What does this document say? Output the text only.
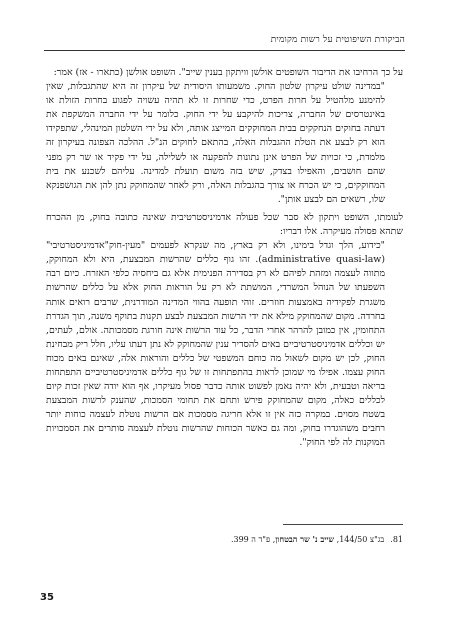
הביקורת השיפוטית על רשות מקומית

על כך הרחיבו את הדיבור השופטים אולשן וויתקון בענין שייב". השופט אולשן (כתארו - אז) אמר:

"במדינה שולט עיקרון שלטון החוק. משמעותו היסודית של עיקרון זה היא שהתגבלות, שאין להימנע מלהטיל על חרות הפרט, כדי שחרות זו לא תהיה עשויה לפגוע בחרות הזולת או באינטרסים של החברה, צריכות להיקבע על ידי החוק. כלומר על ידי החברה המשקפת את דעתה בחוקים הנחקקים בבית המחוקקים המייצג אותה, ולא על ידי השלטון המינהלי, שתפקידו הוא רק לבצע את הטלת ההגבלות האלה, בהתאם לחוקים הנ"ל. ההלכה הצפונה בעיקרון זה מלמדת, כי זכויות של הפרט אינן נתונות להפקעה או לשלילה, על ידי פקיד או שר רק מפני שהם חושבים, והאפילו בצדק, שיש בזה משום תועלת למדינה. עליהם לשכנע את בית המחוקקים, כי יש הכרח או צורך בהגבלות האלה, ורק לאחר שהמחוקק נתן להן את הגושפנקא שלו, רשאים הם לבצע אותן".

לעומתו, השופט ויתקון לא סבר שכל פעולה אדמיניסטרטיבית שאינה כתובה בחוק, מן ההכרח שתהא פסולה מעיקרה. אלו דבריו:

"כידוע, הלך וגדל בימינו, ולא רק בארץ, מה שנקרא לפעמים "מעין-חוק"אדמיניסטרטיבי" (administrative quasi-law). זהו גוף כללים שהרשות המבצעת, היא ולא המחוקק, מתווה לעצמה ומזהת לפיהם לא רק בסדירה הפנימית אלא גם ביחסיה כלפי האזרח. כיום רבה השפעתו של הנוהל המשרדי, המושתת לא רק על הוראות החוק אלא על כללים שהרשות משגרת לפקידיה באמצעות חוזרים. זוהי תופעה בהווי המדינה המודרנית, שרבים רואים אותה בחרדה. מקום שהמחוקק מילא את ידי הרשות המבצעת לבצע תקנות בתוקף משנה, תוך הגדרת התחומין, אין כמובן להרהר אחרי הדבר, כל עוד הרשות אינה חורגת מסמכותה. אולם, לעתים, יש וכללים אדמיניסטרטיביים באים להסדיר ענין שהמחוקק לא נתן דעתו עליו, חלל ריק מבחינת החוק, לכן יש מקום לשאול מה כוחם המשפטי של כללים והוראות אלה, שאינם באים מכוח החוק עצמו. אפילו מי שמוכן לראות בהתפתחות זו של גוף כללים אדמיניסטרטיביים התפתחות בריאה וטבעית, ולא יהיה נאמן לפשוט אותה כדבר פסול מעיקרו, אף הוא יודה שאין זכות קיום לכללים כאלה, מקום שהמחוקק פירש ותחם את תחומי הסמכות, שהענק לרשות המבצעת בשטח מסוים. במקרה כזה אין זו אלא חריגה מסמכות אם הרשות נוטלת לעצמה כוחות יותר רחבים משהוגדרו בחוק, ומה גם כאשר הכוחות שהרשות נוטלת לעצמה סותרים את הסמכויות המוקנות לה לפי החוק".

81.בג"צ 144/50, שייב נ' שר הבטחון, פ"ד ה 399.
35
